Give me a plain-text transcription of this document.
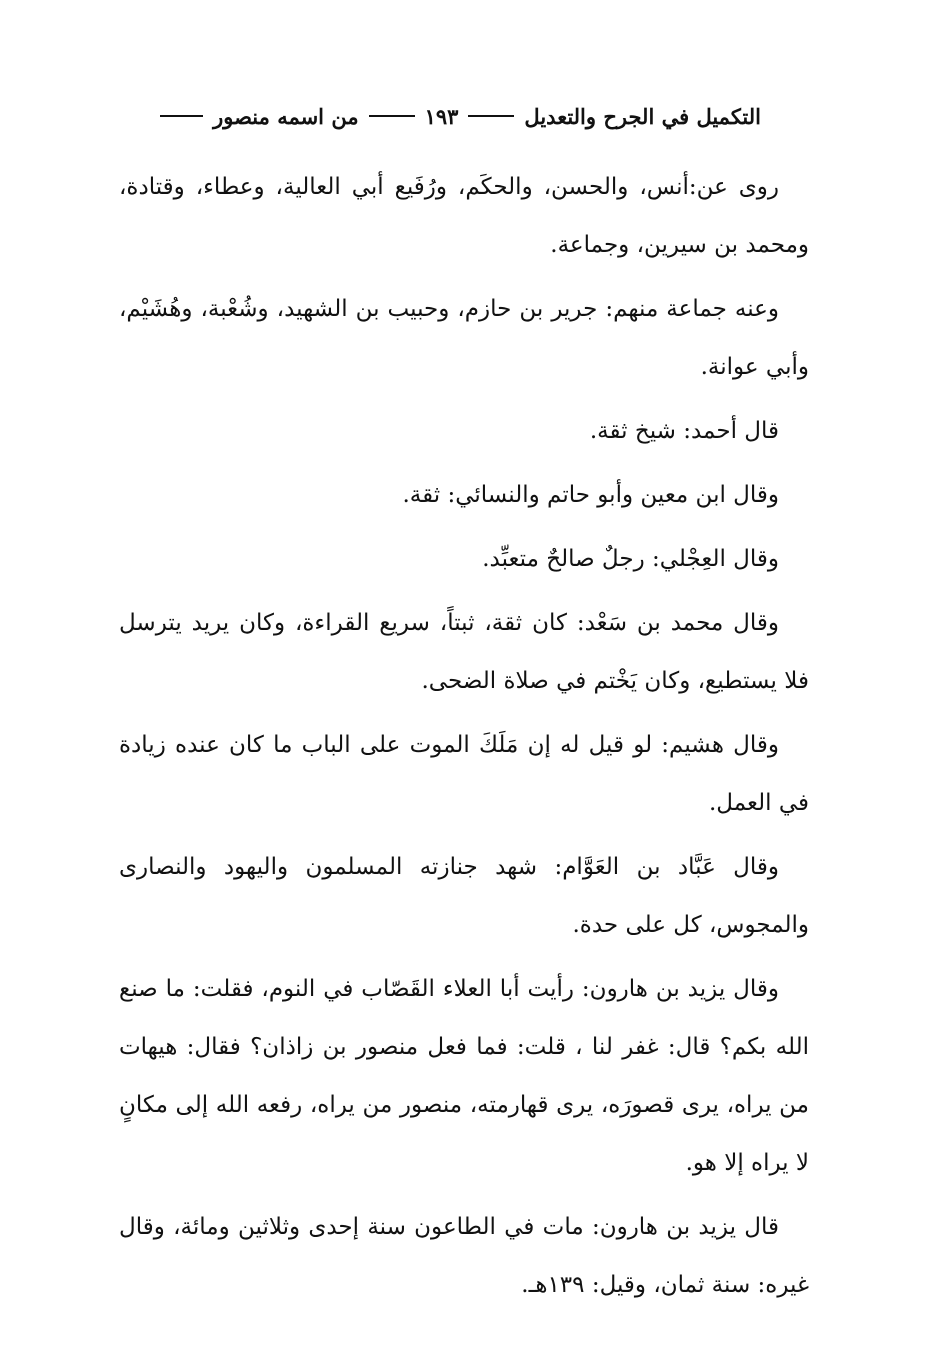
التكميل في الجرح والتعديل
١٩٣
من اسمه منصور

روى عن:أنس، والحسن، والحكَم، ورُفَيع أبي العالية، وعطاء، وقتادة، ومحمد بن سيرين، وجماعة.

وعنه جماعة منهم: جرير بن حازم، وحبيب بن الشهيد، وشُعْبة، وهُشَيْم، وأبي عوانة.

قال أحمد: شيخ ثقة.

وقال ابن معين وأبو حاتم والنسائي: ثقة.

وقال العِجْلي: رجلٌ صالحٌ متعبِّد.

وقال محمد بن سَعْد: كان ثقة، ثبتاً، سريع القراءة، وكان يريد يترسل فلا يستطيع، وكان يَخْتم في صلاة الضحى.

وقال هشيم: لو قيل له إن مَلَكَ الموت على الباب ما كان عنده زيادة في العمل.

وقال عَبَّاد بن العَوَّام: شهد جنازته المسلمون واليهود والنصارى والمجوس، كل على حدة.

وقال يزيد بن هارون: رأيت أبا العلاء القَصّاب في النوم، فقلت: ما صنع الله بكم؟ قال: غفر لنا ، قلت: فما فعل منصور بن زاذان؟ فقال: هيهات من يراه، يرى قصورَه، يرى قهارمته، منصور من يراه، رفعه الله إلى مكانٍ لا يراه إلا هو.

قال يزيد بن هارون: مات في الطاعون سنة إحدى وثلاثين ومائة، وقال غيره: سنة ثمان، وقيل: ١٣٩هـ.
